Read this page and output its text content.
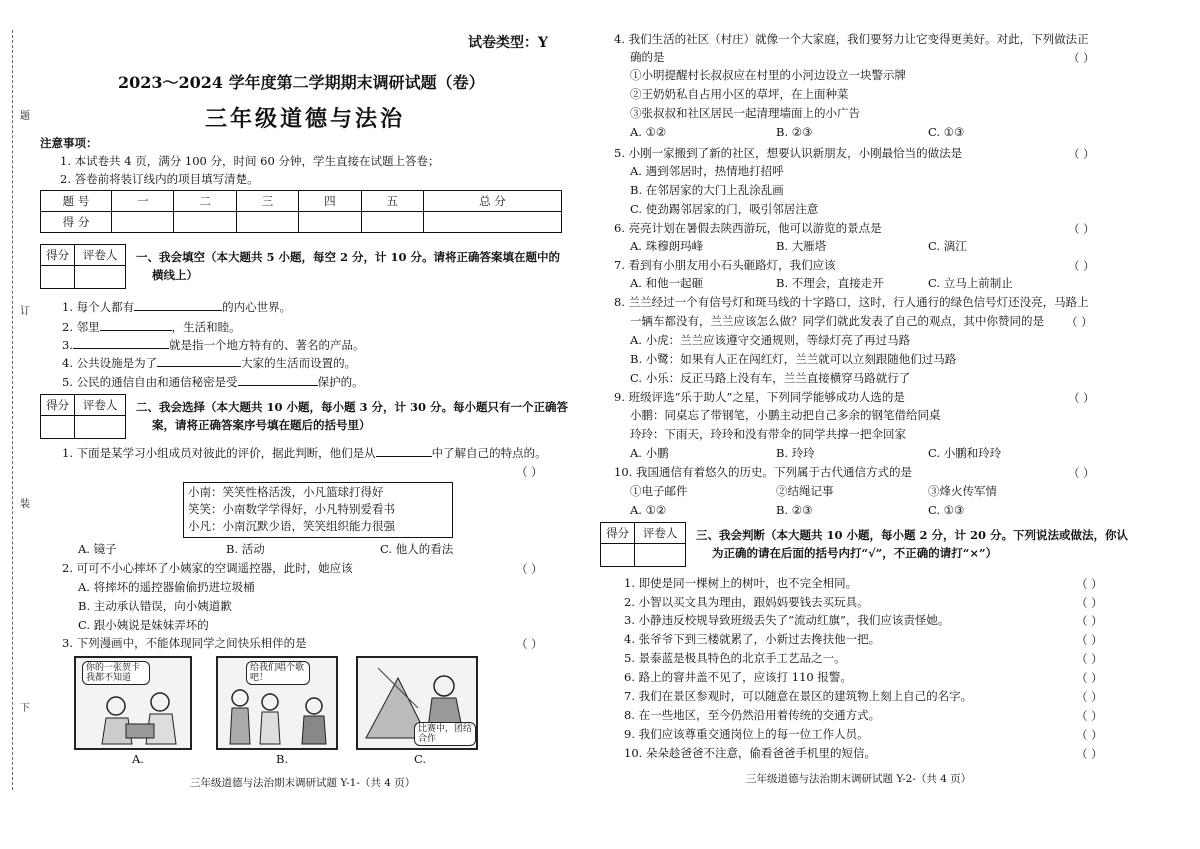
题
订
装
下
试卷类型：Y
2023～2024 学年度第二学期期末调研试题（卷）
三年级道德与法治
注意事项：
1. 本试卷共 4 页，满分 100 分，时间 60 分钟，学生直接在试题上答卷；
2. 答卷前将装订线内的项目填写清楚。
题 号	一	二	三	四	五	总 分
得 分						
得分	评卷人
	一、我会填空（本大题共 5 小题，每空 2 分，计 10 分。请将正确答案填在题中的
横线上）
1. 每个人都有	的内心世界。
2. 邻里	，生活和睦。
3.	就是指一个地方特有的、著名的产品。
4. 公共设施是为了	大家的生活而设置的。
5. 公民的通信自由和通信秘密是受	保护的。
得分	评卷人
	二、我会选择（本大题共 10 小题，每小题 3 分，计 30 分。每小题只有一个正确答
案，请将正确答案序号填在题后的括号里）
1. 下面是某学习小组成员对彼此的评价，据此判断，他们是从	中了解自己的特点的。
（ ）
小南：笑笑性格活泼，小凡篮球打得好
笑笑：小南数学学得好，小凡特别爱看书
小凡：小南沉默少语，笑笑组织能力很强
A. 镜子	B. 活动	C. 他人的看法
2. 可可不小心摔坏了小姨家的空调遥控器，此时，她应该	（ ）
A. 将摔坏的遥控器偷偷扔进垃圾桶
B. 主动承认错误，向小姨道歉
C. 跟小姨说是妹妹弄坏的
3. 下列漫画中，不能体现同学之间快乐相伴的是	（ ）
你的一张贺卡我都不知道
给我们唱个歌吧！
比赛中，团结合作
A.	B.	C.
三年级道德与法治期末调研试题 Y-1-（共 4 页）
4. 我们生活的社区（村庄）就像一个大家庭，我们要努力让它变得更美好。对此，下列做法正
确的是	（ ）
①小明提醒村长叔叔应在村里的小河边设立一块警示牌
②王奶奶私自占用小区的草坪，在上面种菜
③张叔叔和社区居民一起清理墙面上的小广告
A. ①②	B. ②③	C. ①③
5. 小刚一家搬到了新的社区，想要认识新朋友，小刚最恰当的做法是	（ ）
A. 遇到邻居时，热情地打招呼
B. 在邻居家的大门上乱涂乱画
C. 使劲踢邻居家的门，吸引邻居注意
6. 亮亮计划在暑假去陕西游玩，他可以游览的景点是	（ ）
A. 珠穆朗玛峰	B. 大雁塔	C. 漓江
7. 看到有小朋友用小石头砸路灯，我们应该	（ ）
A. 和他一起砸	B. 不理会，直接走开	C. 立马上前制止
8. 兰兰经过一个有信号灯和斑马线的十字路口，这时，行人通行的绿色信号灯还没亮，马路上
一辆车都没有，兰兰应该怎么做？同学们就此发表了自己的观点，其中你赞同的是 （ ）
A. 小虎：兰兰应该遵守交通规则，等绿灯亮了再过马路
B. 小鹭：如果有人正在闯红灯，兰兰就可以立刻跟随他们过马路
C. 小乐：反正马路上没有车，兰兰直接横穿马路就行了
9. 班级评选“乐于助人”之星，下列同学能够成功人选的是	（ ）
小鹏：同桌忘了带钢笔，小鹏主动把自己多余的钢笔借给同桌
玲玲：下雨天，玲玲和没有带伞的同学共撑一把伞回家
A. 小鹏	B. 玲玲	C. 小鹏和玲玲
10. 我国通信有着悠久的历史。下列属于古代通信方式的是	（ ）
①电子邮件	②结绳记事	③烽火传军情
A. ①②	B. ②③	C. ①③
得分	评卷人
	三、我会判断（本大题共 10 小题，每小题 2 分，计 20 分。下列说法或做法，你认
为正确的请在后面的括号内打“√”，不正确的请打“×”）
1. 即使是同一棵树上的树叶，也不完全相同。	（ ）
2. 小智以买文具为理由，跟妈妈要钱去买玩具。	（ ）
3. 小静违反校规导致班级丢失了“流动红旗”，我们应该责怪她。	（ ）
4. 张爷爷下到三楼就累了，小新过去搀扶他一把。	（ ）
5. 景泰蓝是极具特色的北京手工艺品之一。	（ ）
6. 路上的窨井盖不见了，应该打 110 报警。	（ ）
7. 我们在景区参观时，可以随意在景区的建筑物上刻上自己的名字。	（ ）
8. 在一些地区，至今仍然沿用着传统的交通方式。	（ ）
9. 我们应该尊重交通岗位上的每一位工作人员。	（ ）
10. 朵朵趁爸爸不注意，偷看爸爸手机里的短信。	（ ）
三年级道德与法治期末调研试题 Y-2-（共 4 页）
